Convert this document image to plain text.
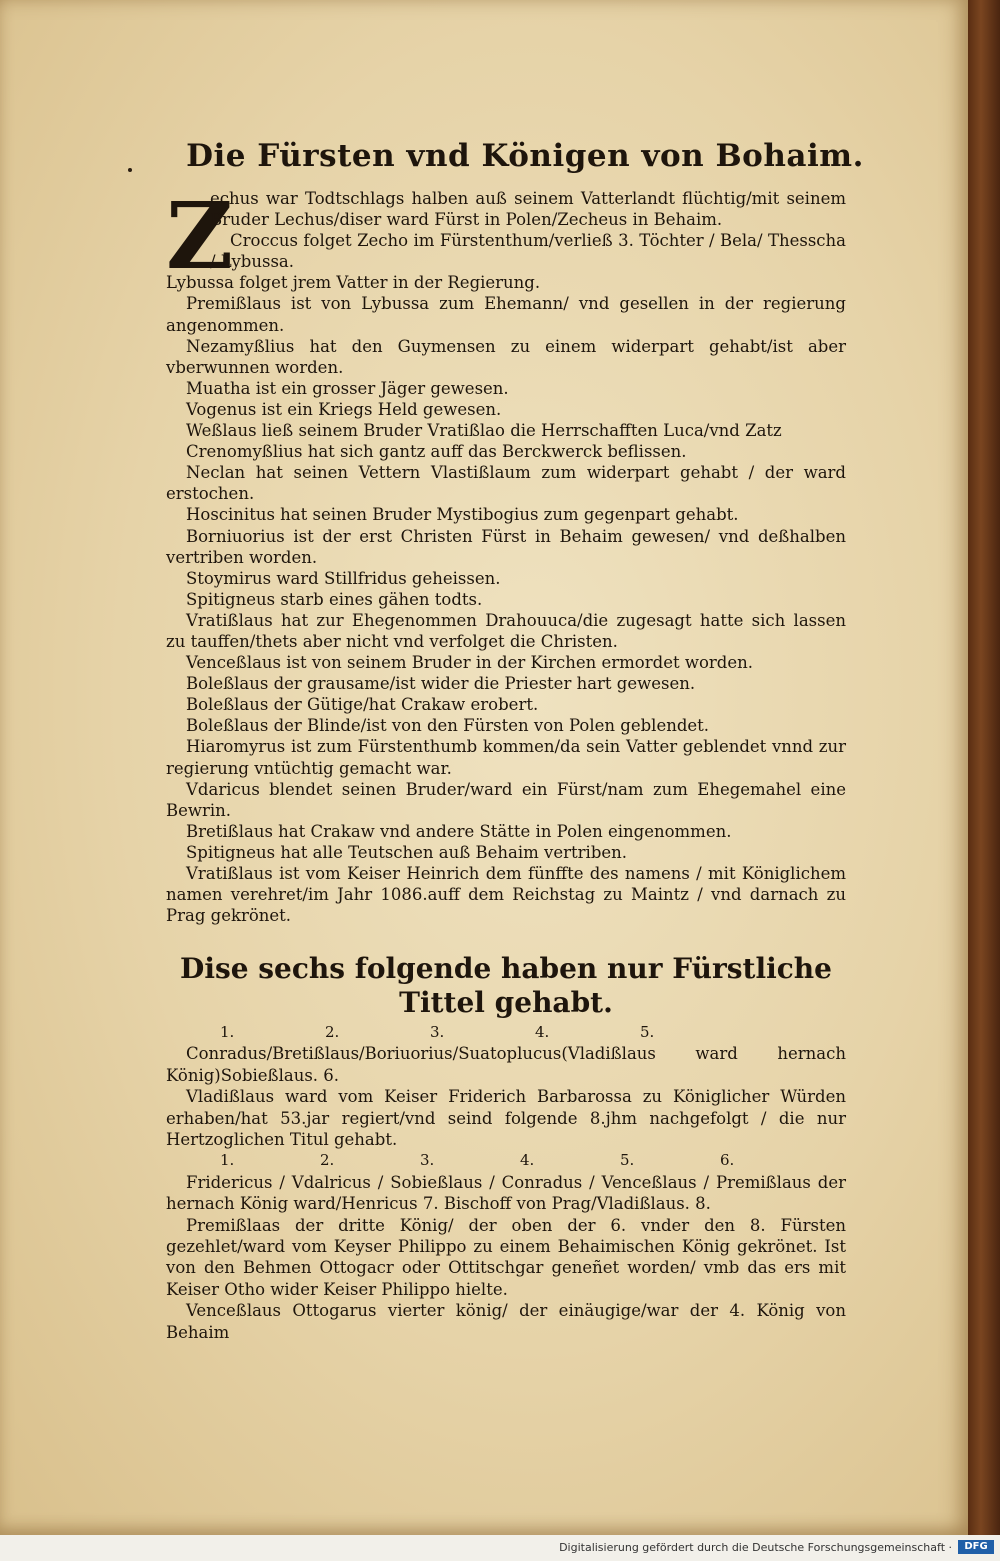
Die Fürsten vnd Königen von Bohaim.
Z

echus war Todtschlags halben auß seinem Vatterlandt flüchtig/mit seinem Bruder Lechus/diser ward Fürst in Polen/Zecheus in Behaim.

Croccus folget Zecho im Fürstenthum/verließ 3. Töchter / Bela/ Thesscha / Lybussa.

Lybussa folget jrem Vatter in der Regierung.

Premißlaus ist von Lybussa zum Ehemann/ vnd gesellen in der regierung angenommen.

Nezamyßlius hat den Guymensen zu einem widerpart gehabt/ist aber vberwunnen worden.

Muatha ist ein grosser Jäger gewesen.

Vogenus ist ein Kriegs Held gewesen.

Weßlaus ließ seinem Bruder Vratißlao die Herrschafften Luca/vnd Zatz

Crenomyßlius hat sich gantz auff das Berckwerck beflissen.

Neclan hat seinen Vettern Vlastißlaum zum widerpart gehabt / der ward erstochen.

Hoscinitus hat seinen Bruder Mystibogius zum gegenpart gehabt.

Borniuorius ist der erst Christen Fürst in Behaim gewesen/ vnd deßhalben vertriben worden.

Stoymirus ward Stillfridus geheissen.

Spitigneus starb eines gähen todts.

Vratißlaus hat zur Ehegenommen Drahouuca/die zugesagt hatte sich lassen zu tauffen/thets aber nicht vnd verfolget die Christen.

Venceßlaus ist von seinem Bruder in der Kirchen ermordet worden.

Boleßlaus der grausame/ist wider die Priester hart gewesen.

Boleßlaus der Gütige/hat Crakaw erobert.

Boleßlaus der Blinde/ist von den Fürsten von Polen geblendet.

Hiaromyrus ist zum Fürstenthumb kommen/da sein Vatter geblendet vnnd zur regierung vntüchtig gemacht war.

Vdaricus blendet seinen Bruder/ward ein Fürst/nam zum Ehegemahel eine Bewrin.

Bretißlaus hat Crakaw vnd andere Stätte in Polen eingenommen.

Spitigneus hat alle Teutschen auß Behaim vertriben.

Vratißlaus ist vom Keiser Heinrich dem fünffte des namens / mit Königlichem namen verehret/im Jahr 1086.auff dem Reichstag zu Maintz / vnd darnach zu Prag gekrönet.

Dise sechs folgende haben nur Fürstliche Tittel gehabt.
1.	2.	3.	4.	5.

Conradus/Bretißlaus/Boriuorius/Suatoplucus(Vladißlaus ward hernach König)Sobießlaus. 6.

Vladißlaus ward vom Keiser Friderich Barbarossa zu Königlicher Würden erhaben/hat 53.jar regiert/vnd seind folgende 8.jhm nachgefolgt / die nur Hertzoglichen Titul gehabt.

1.	2.	3.	4.	5.	6.

Fridericus / Vdalricus / Sobießlaus / Conradus / Venceßlaus / Premißlaus der hernach König ward/Henricus 7. Bischoff von Prag/Vladißlaus. 8.

Premißlaas der dritte König/ der oben der 6. vnder den 8. Fürsten gezehlet/ward vom Keyser Philippo zu einem Behaimischen König gekrönet. Ist von den Behmen Ottogacr oder Ottitschgar geneñet worden/ vmb das ers mit Keiser Otho wider Keiser Philippo hielte.

Venceßlaus Ottogarus vierter könig/ der einäugige/war der 4. König von Behaim

Digitalisierung gefördert durch die Deutsche Forschungsgemeinschaft ·	DFG
